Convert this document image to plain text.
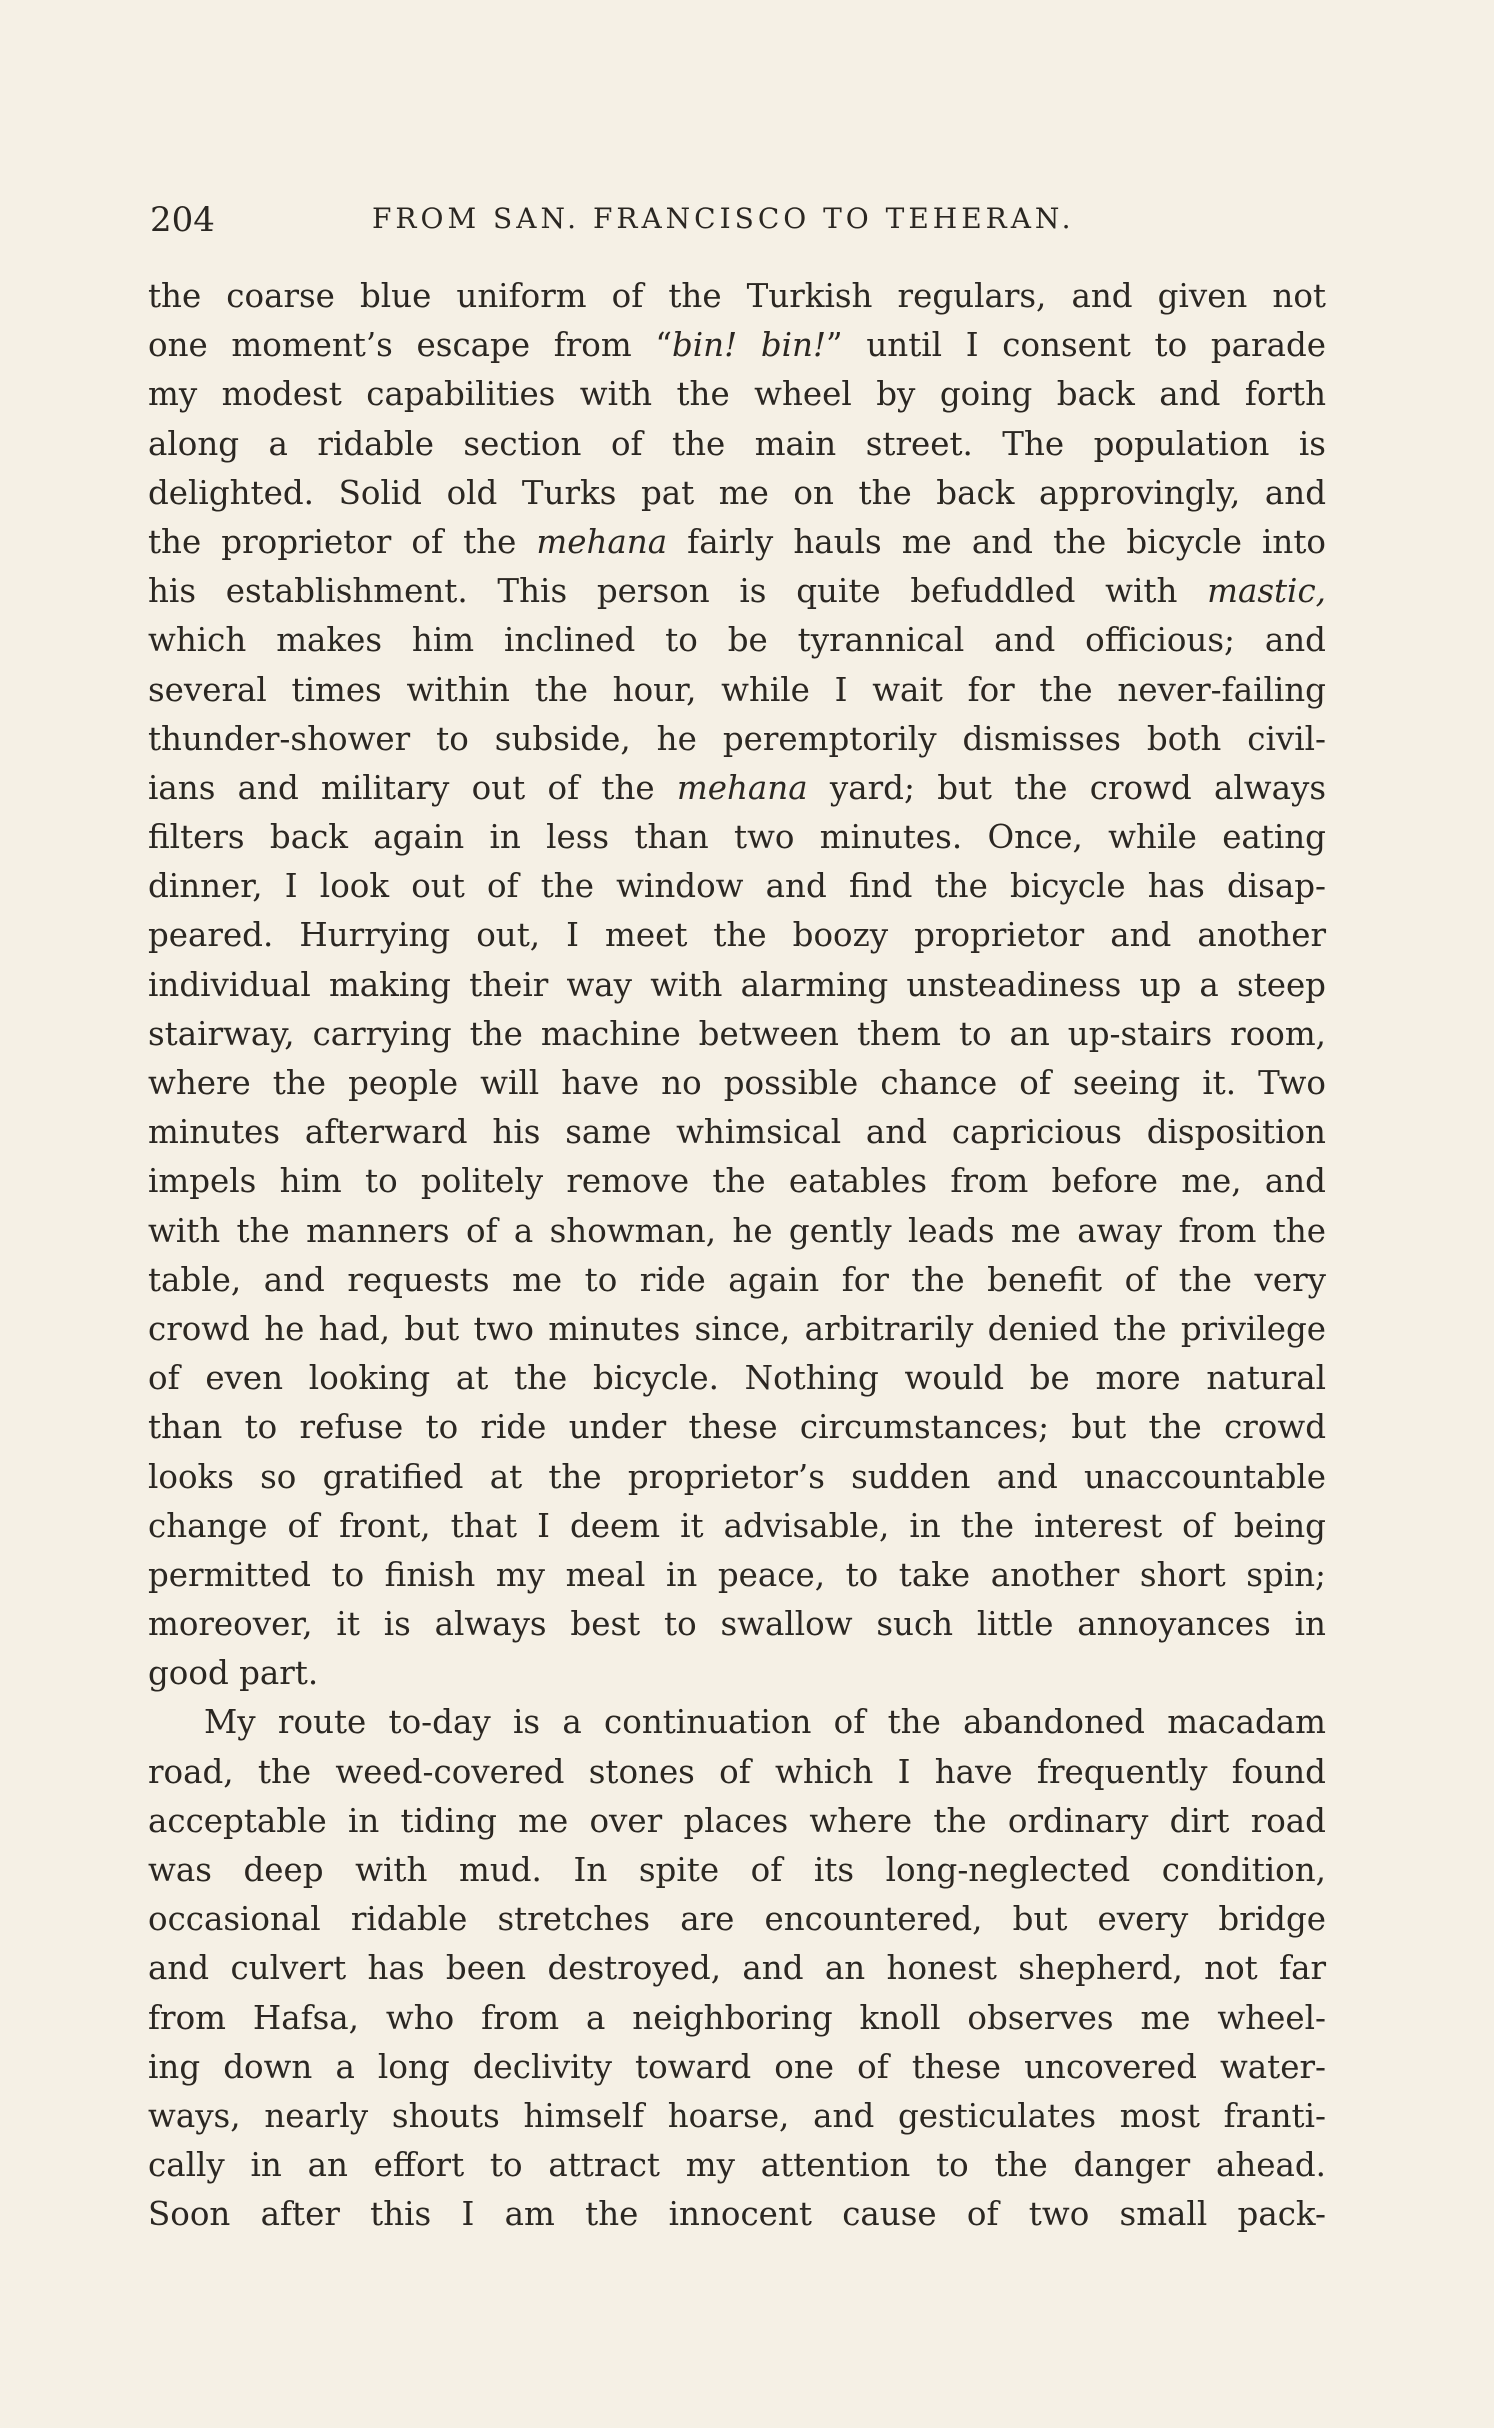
204	FROM SAN. FRANCISCO TO TEHERAN.
the coarse blue uniform of the Turkish regulars, and given not
one moment’s escape from “bin! bin!” until I consent to parade
my modest capabilities with the wheel by going back and forth
along a ridable section of the main street. The population is
delighted. Solid old Turks pat me on the back approvingly, and
the proprietor of the mehana fairly hauls me and the bicycle into
his establishment. This person is quite befuddled with mastic,
which makes him inclined to be tyrannical and officious; and
several times within the hour, while I wait for the never-failing
thunder-shower to subside, he peremptorily dismisses both civil-
ians and military out of the mehana yard; but the crowd always
filters back again in less than two minutes. Once, while eating
dinner, I look out of the window and find the bicycle has disap-
peared. Hurrying out, I meet the boozy proprietor and another
individual making their way with alarming unsteadiness up a steep
stairway, carrying the machine between them to an up-stairs room,
where the people will have no possible chance of seeing it. Two
minutes afterward his same whimsical and capricious disposition
impels him to politely remove the eatables from before me, and
with the manners of a showman, he gently leads me away from the
table, and requests me to ride again for the benefit of the very
crowd he had, but two minutes since, arbitrarily denied the privilege
of even looking at the bicycle. Nothing would be more natural
than to refuse to ride under these circumstances; but the crowd
looks so gratified at the proprietor’s sudden and unaccountable
change of front, that I deem it advisable, in the interest of being
permitted to finish my meal in peace, to take another short spin;
moreover, it is always best to swallow such little annoyances in
good part.
My route to-day is a continuation of the abandoned macadam
road, the weed-covered stones of which I have frequently found
acceptable in tiding me over places where the ordinary dirt road
was deep with mud. In spite of its long-neglected condition,
occasional ridable stretches are encountered, but every bridge
and culvert has been destroyed, and an honest shepherd, not far
from Hafsa, who from a neighboring knoll observes me wheel-
ing down a long declivity toward one of these uncovered water-
ways, nearly shouts himself hoarse, and gesticulates most franti-
cally in an effort to attract my attention to the danger ahead.
Soon after this I am the innocent cause of two small pack-
